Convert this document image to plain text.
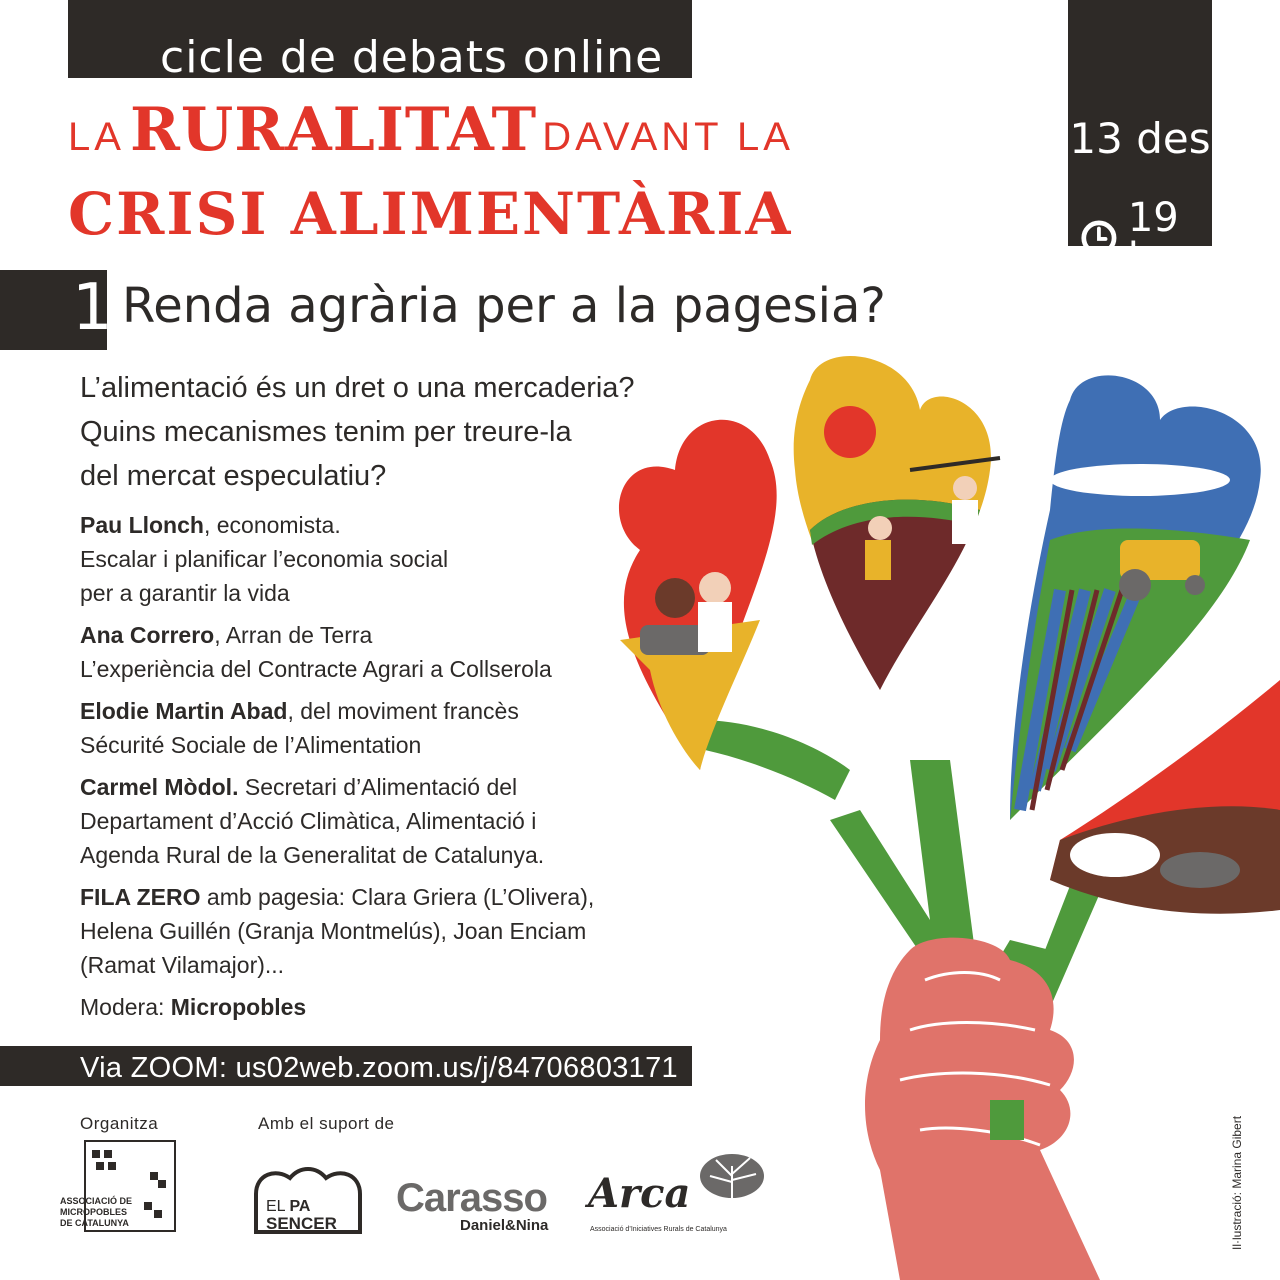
cicle de debats online
LA RURALITAT DAVANT LA
CRISI ALIMENTÀRIA
13 des
19 h
1 Renda agrària per a la pagesia?
L’alimentació és un dret o una mercaderia?
Quins mecanismes tenim per treure-la
del mercat especulatiu?
Pau Llonch, economista.
Escalar i planificar l’economia social
per a garantir la vida
Ana Correro, Arran de Terra
L’experiència del Contracte Agrari a Collserola
Elodie Martin Abad, del moviment francès
Sécurité Sociale de l’Alimentation
Carmel Mòdol. Secretari d’Alimentació del
Departament d’Acció Climàtica, Alimentació i
Agenda Rural de la Generalitat de Catalunya.
FILA ZERO amb pagesia: Clara Griera (L’Olivera),
Helena Guillén (Granja Montmelús), Joan Enciam
(Ramat Vilamajor)...
Modera: Micropobles
Via ZOOM: us02web.zoom.us/j/84706803171
Organitza	Amb el suport de
ASSOCIACIÓ DE
MICROPOBLES
DE CATALUNYA
EL PA
SENCER
Carasso
Daniel&Nina
Arca
Associació d’Iniciatives Rurals de Catalunya	Il·lustració: Marina Gibert
